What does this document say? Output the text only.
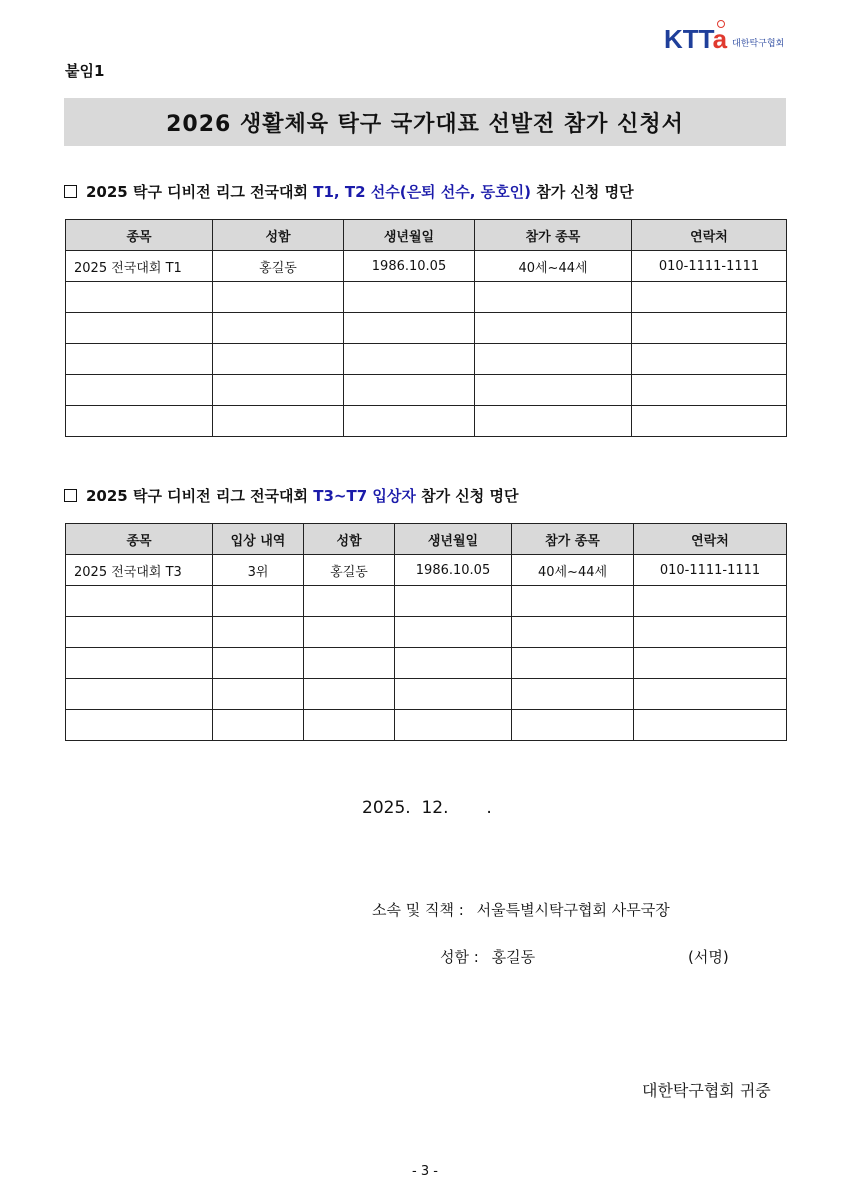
KTTa 대한탁구협회
붙임1
2026 생활체육 탁구 국가대표 선발전 참가 신청서
2025 탁구 디비전 리그 전국대회 T1, T2 선수(은퇴 선수, 동호인) 참가 신청 명단
종목	성함	생년월일	참가 종목	연락처
2025 전국대회 T1	홍길동	1986.10.05	40세~44세	010-1111-1111

2025 탁구 디비전 리그 전국대회 T3~T7 입상자 참가 신청 명단
종목	입상 내역	성함	생년월일	참가 종목	연락처
2025 전국대회 T3	3위	홍길동	1986.10.05	40세~44세	010-1111-1111

2025.  12.       .
소속 및 직책 : 서울특별시탁구협회 사무국장
성함 : 홍길동	(서명)
대한탁구협회 귀중
- 3 -
